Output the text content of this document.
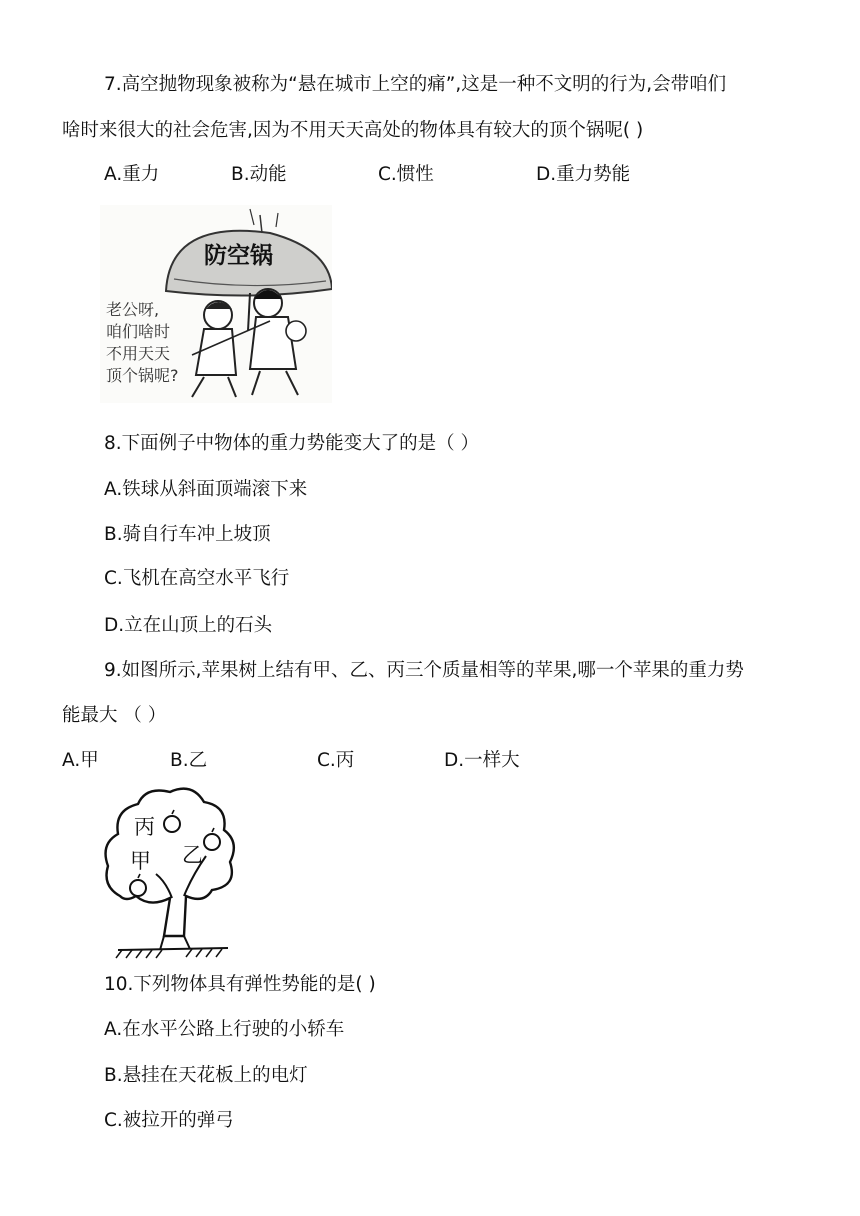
7.高空抛物现象被称为“悬在城市上空的痛”,这是一种不文明的行为,会带咱们
啥时来很大的社会危害,因为不用天天高处的物体具有较大的顶个锅呢( )
A.重力	B.动能	C.惯性	D.重力势能
防空锅
老公呀,
咱们啥时
不用天天
顶个锅呢?
8.下面例子中物体的重力势能变大了的是（ ）
A.铁球从斜面顶端滚下来
B.骑自行车冲上坡顶
C.飞机在高空水平飞行
D.立在山顶上的石头
9.如图所示,苹果树上结有甲、乙、丙三个质量相等的苹果,哪一个苹果的重力势
能最大 （ ）
A.甲	B.乙	C.丙	D.一样大
丙
甲 乙
10.下列物体具有弹性势能的是( )
A.在水平公路上行驶的小轿车
B.悬挂在天花板上的电灯
C.被拉开的弹弓
